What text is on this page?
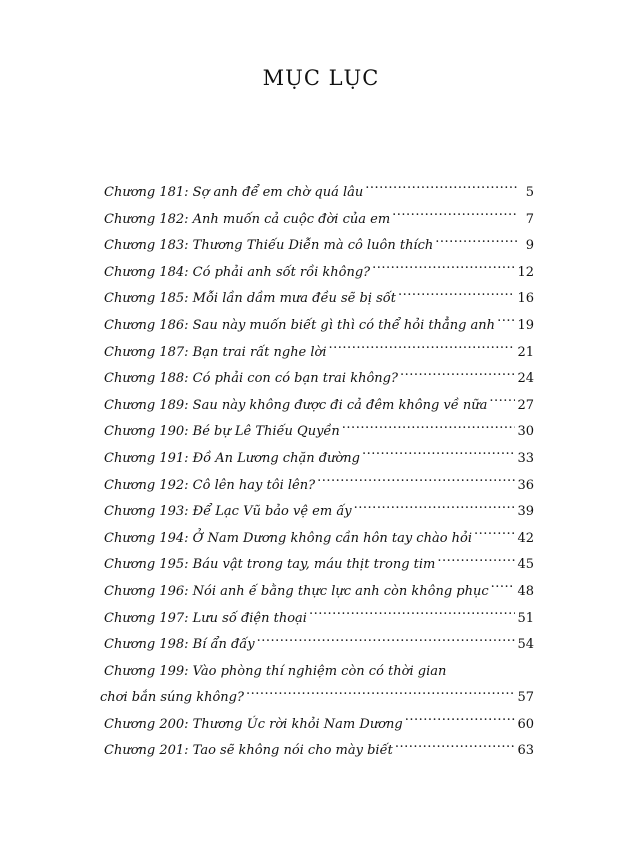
MỤC LỤC
Chương 181: Sợ anh để em chờ quá lâu .....	5
Chương 182: Anh muốn cả cuộc đời của em .....	7
Chương 183: Thương Thiếu Diễn mà cô luôn thích .....	9
Chương 184: Có phải anh sốt rồi không? .....	12
Chương 185: Mỗi lần dầm mưa đều sẽ bị sốt .....	16
Chương 186: Sau này muốn biết gì thì có thể hỏi thẳng anh ..... 19
Chương 187: Bạn trai rất nghe lời .....	21
Chương 188: Có phải con có bạn trai không? .....	24
Chương 189: Sau này không được đi cả đêm không về nữa ..... 27
Chương 190: Bé bự Lê Thiếu Quyền .....	30
Chương 191: Đồ An Lương chặn đường .....	33
Chương 192: Cô lên hay tôi lên? .....	36
Chương 193: Để Lạc Vũ bảo vệ em ấy .....	39
Chương 194: Ở Nam Dương không cần hôn tay chào hỏi .....	42
Chương 195: Báu vật trong tay, máu thịt trong tim .....	45
Chương 196: Nói anh ế bằng thực lực anh còn không phục ..... 48
Chương 197: Lưu số điện thoại .....	51
Chương 198: Bí ẩn đấy .....	54
Chương 199: Vào phòng thí nghiệm còn có thời gian
chơi bắn súng không? .....	57
Chương 200: Thương Úc rời khỏi Nam Dương .....	60
Chương 201: Tao sẽ không nói cho mày biết .....	63
